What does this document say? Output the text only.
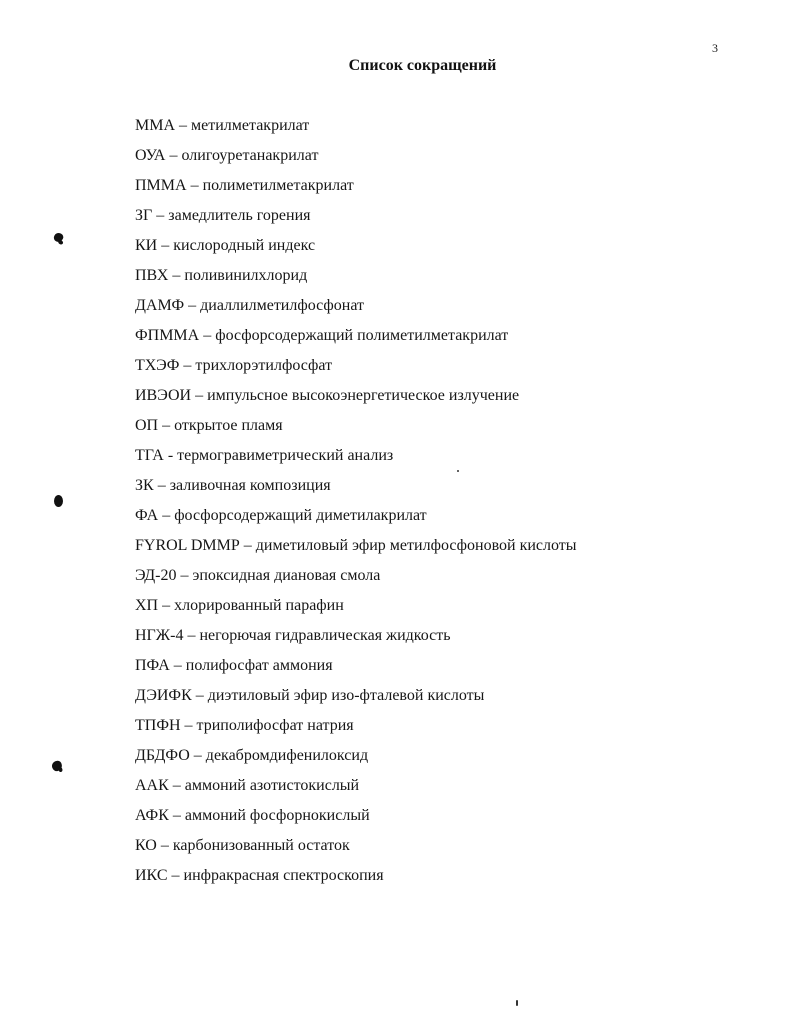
3
Список сокращений
ММА – метилметакрилат
ОУА – олигоуретанакрилат
ПММА – полиметилметакрилат
ЗГ – замедлитель горения
КИ – кислородный индекс
ПВХ – поливинилхлорид
ДАМФ – диаллилметилфосфонат
ФПММА – фосфорсодержащий полиметилметакрилат
ТХЭФ – трихлорэтилфосфат
ИВЭОИ – импульсное высокоэнергетическое излучение
ОП – открытое пламя
ТГА - термогравиметрический анализ
ЗК – заливочная композиция
ФА – фосфорсодержащий диметилакрилат
FYROL DMMP – диметиловый эфир метилфосфоновой кислоты
ЭД-20 – эпоксидная диановая смола
ХП – хлорированный парафин
НГЖ-4 – негорючая гидравлическая жидкость
ПФА – полифосфат аммония
ДЭИФК – диэтиловый эфир изо-фталевой кислоты
ТПФН – триполифосфат натрия
ДБДФО – декабромдифенилоксид
ААК – аммоний азотистокислый
АФК – аммоний фосфорнокислый
КО – карбонизованный остаток
ИКС – инфракрасная спектроскопия
